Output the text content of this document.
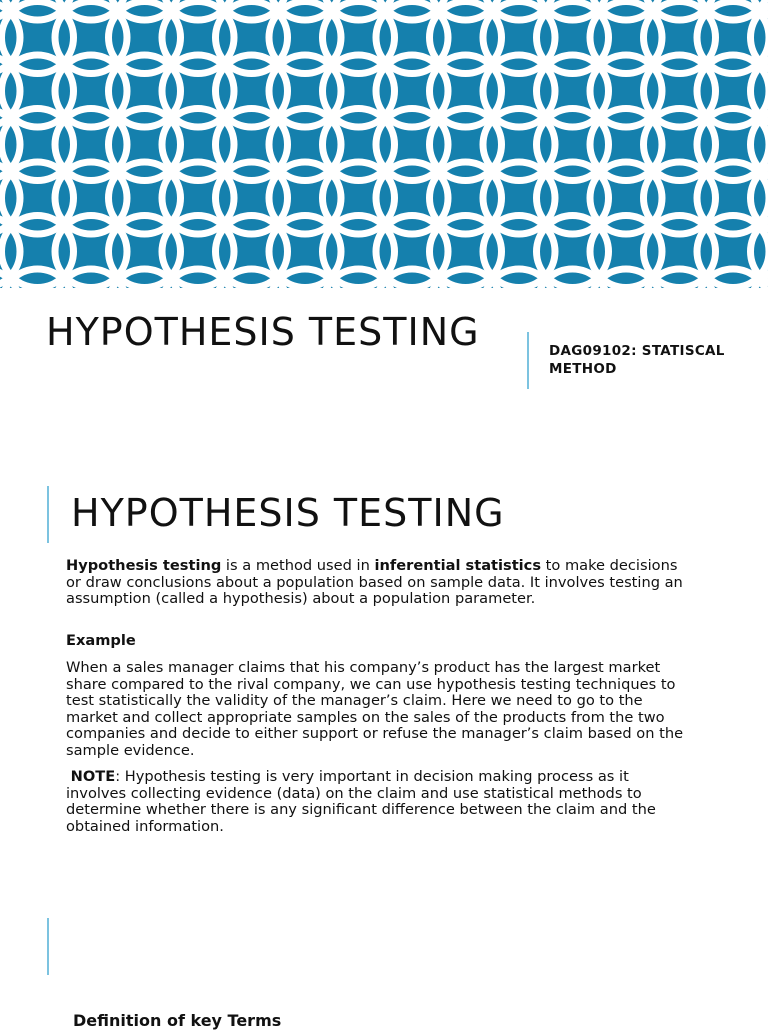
HYPOTHESIS TESTING	DAG09102: STATISCAL METHOD
HYPOTHESIS TESTING

Hypothesis testing is a method used in inferential statistics to make decisions or draw conclusions about a population based on sample data. It involves testing an assumption (called a hypothesis) about a population parameter.

Example

When a sales manager claims that his company’s product has the largest market share compared to the rival company, we can use hypothesis testing techniques to test statistically the validity of the manager’s claim. Here we need to go to the market and collect appropriate samples on the sales of the products from the two companies and decide to either support or refuse the manager’s claim based on the sample evidence.

NOTE: Hypothesis testing is very important in decision making process as it involves collecting evidence (data) on the claim and use statistical methods to determine whether there is any significant difference between the claim and the obtained information.

Definition of key Terms
